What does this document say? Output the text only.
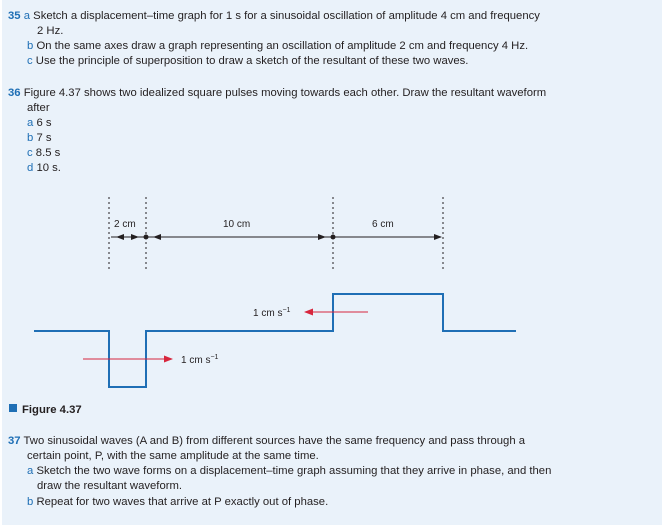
35 a Sketch a displacement–time graph for 1 s for a sinusoidal oscillation of amplitude 4 cm and frequency
2 Hz.
b On the same axes draw a graph representing an oscillation of amplitude 2 cm and frequency 4 Hz.
c Use the principle of superposition to draw a sketch of the resultant of these two waves.
36 Figure 4.37 shows two idealized square pulses moving towards each other. Draw the resultant waveform
after
a 6 s
b 7 s
c 8.5 s
d 10 s.
2 cm	10 cm	6 cm
1 cm $s^{-1}$
1 cm $s^{-1}$
Figure 4.37
37 Two sinusoidal waves (A and B) from different sources have the same frequency and pass through a
certain point, P, with the same amplitude at the same time.
a Sketch the two wave forms on a displacement–time graph assuming that they arrive in phase, and then
draw the resultant waveform.
b Repeat for two waves that arrive at P exactly out of phase.
